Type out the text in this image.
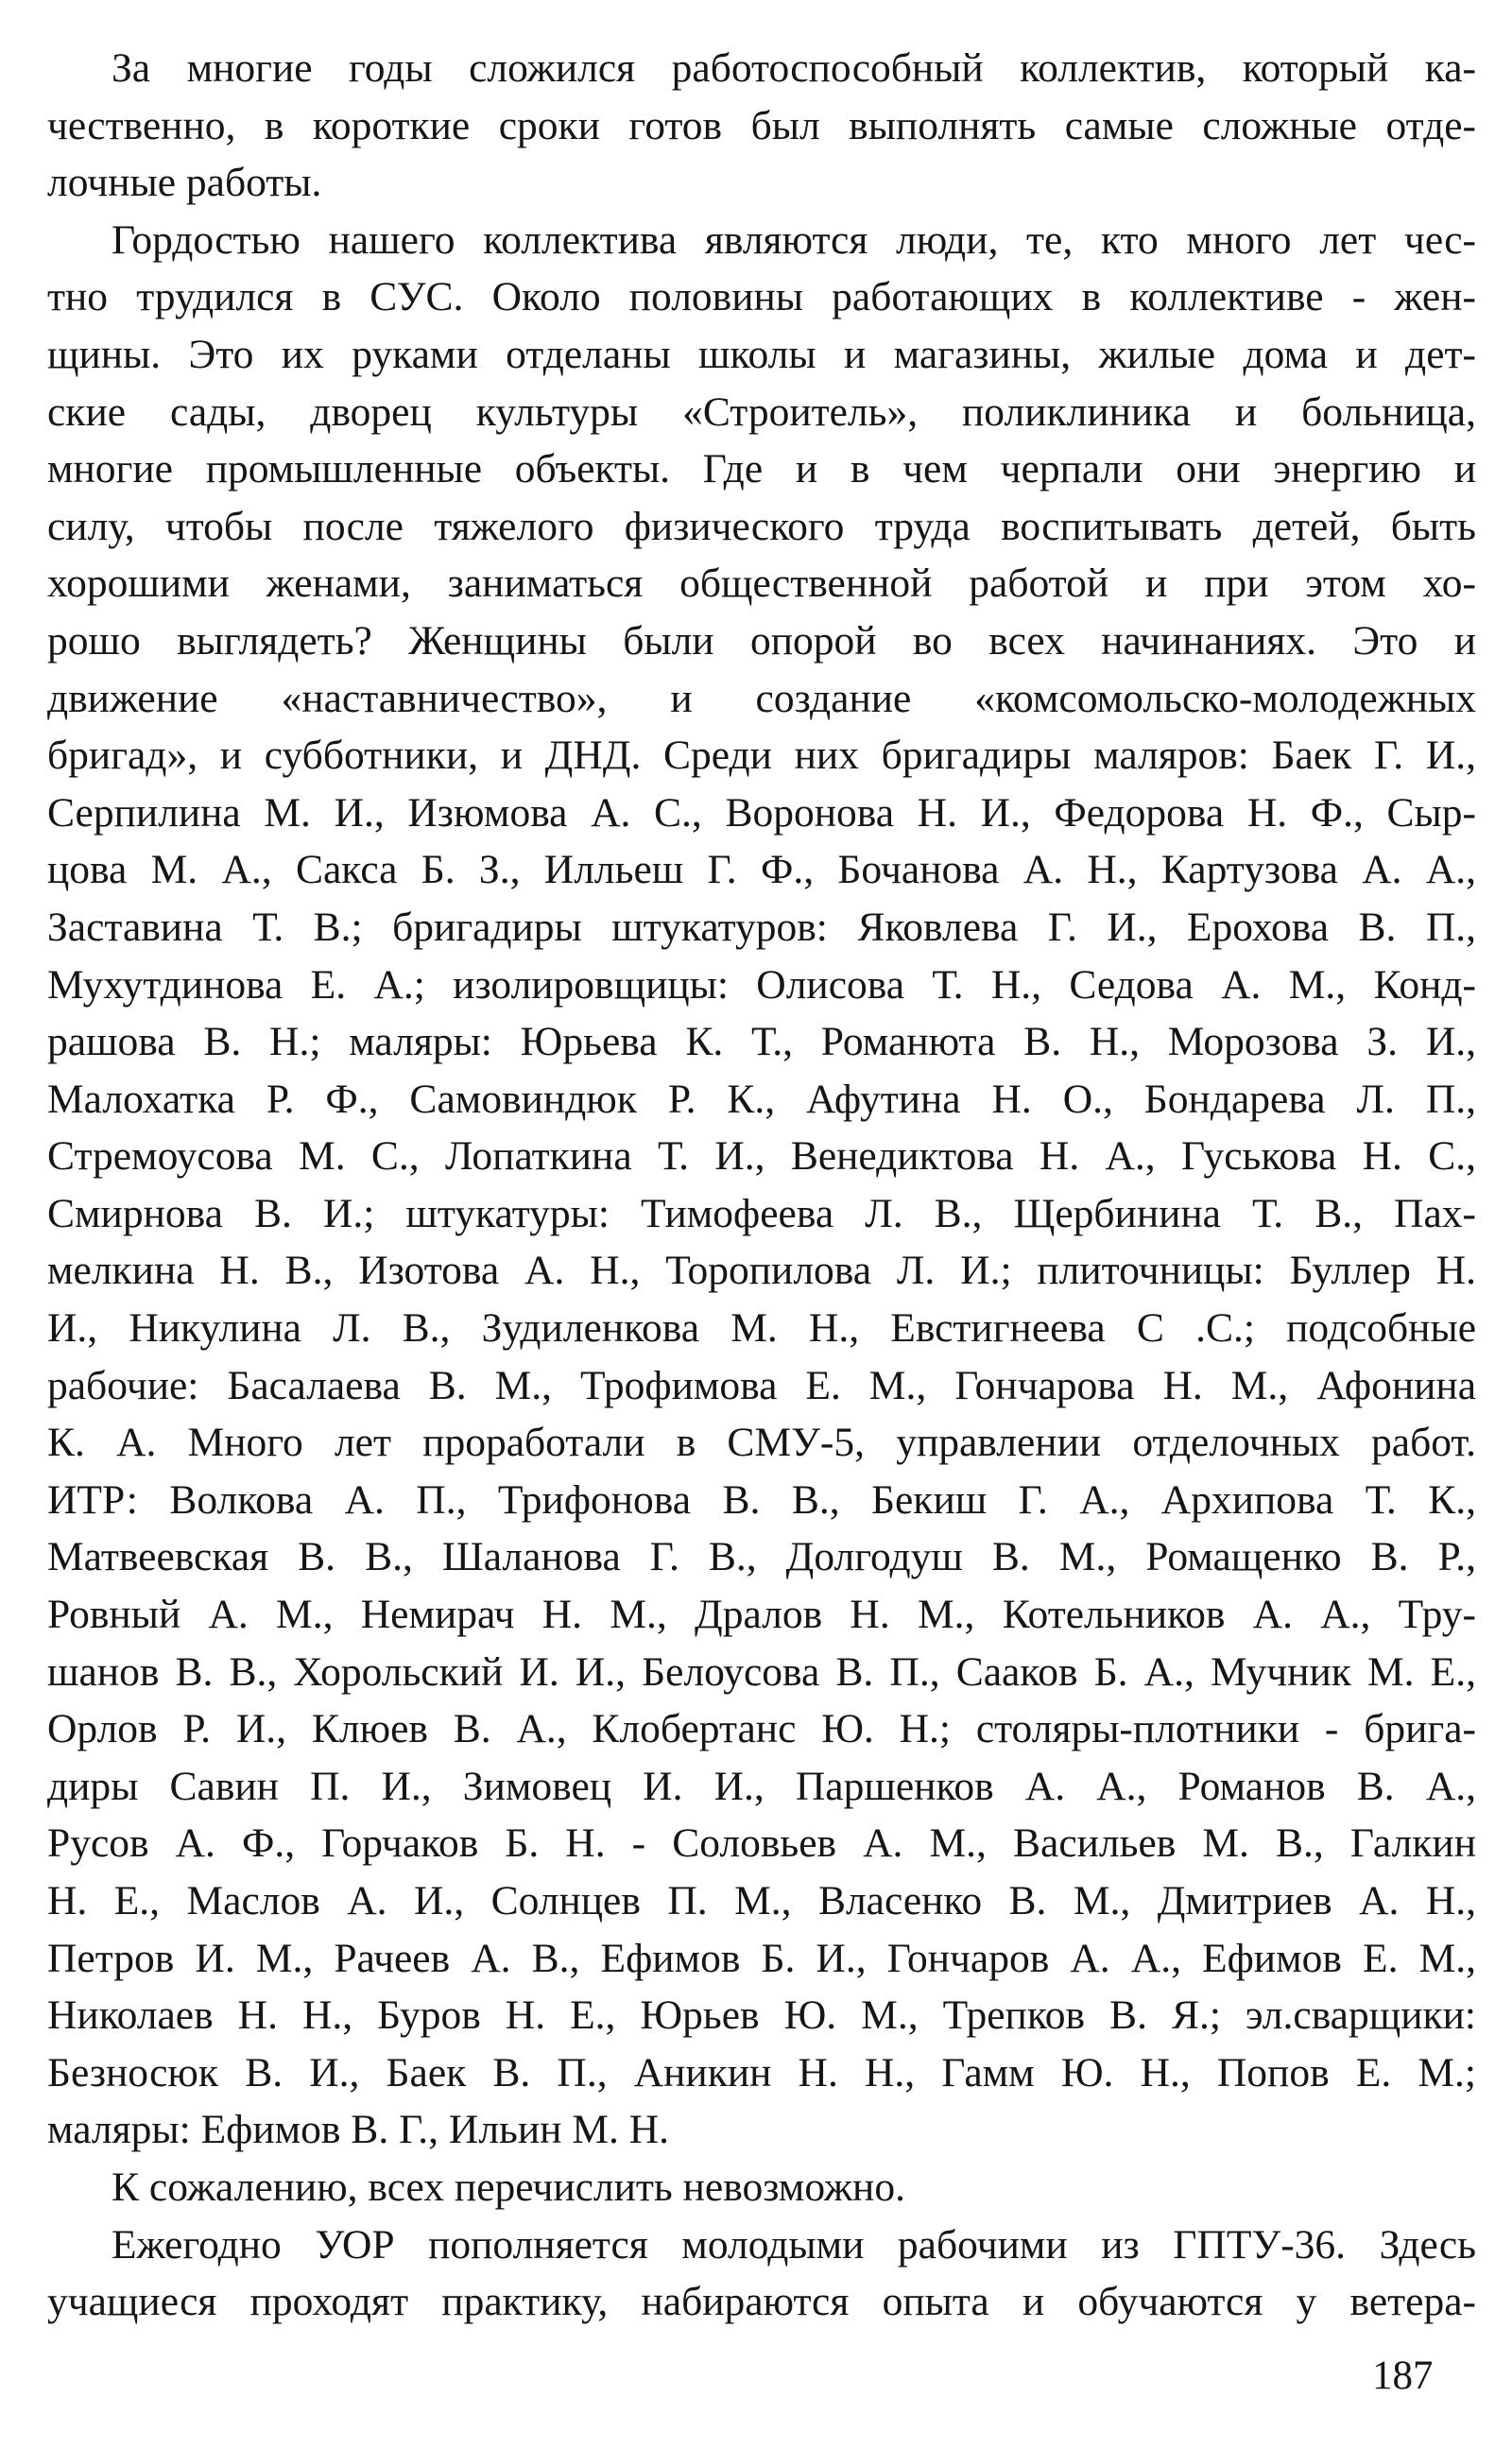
За многие годы сложился работоспособный коллектив, который ка-
чественно, в короткие сроки готов был выполнять самые сложные отде-
лочные работы.
Гордостью нашего коллектива являются люди, те, кто много лет чес-
тно трудился в СУС. Около половины работающих в коллективе - жен-
щины. Это их руками отделаны школы и магазины, жилые дома и дет-
ские сады, дворец культуры «Строитель», поликлиника и больница,
многие промышленные объекты. Где и в чем черпали они энергию и
силу, чтобы после тяжелого физического труда воспитывать детей, быть
хорошими женами, заниматься общественной работой и при этом хо-
рошо выглядеть? Женщины были опорой во всех начинаниях. Это и
движение «наставничество», и создание «комсомольско-молодежных
бригад», и субботники, и ДНД. Среди них бригадиры маляров: Баек Г. И.,
Серпилина М. И., Изюмова А. С., Воронова Н. И., Федорова Н. Ф., Сыр-
цова М. А., Сакса Б. З., Илльеш Г. Ф., Бочанова А. Н., Картузова А. А.,
Заставина Т. В.; бригадиры штукатуров: Яковлева Г. И., Ерохова В. П.,
Мухутдинова Е. А.; изолировщицы: Олисова Т. Н., Седова А. М., Конд-
рашова В. Н.; маляры: Юрьева К. Т., Романюта В. Н., Морозова З. И.,
Малохатка Р. Ф., Самовиндюк Р. К., Афутина Н. О., Бондарева Л. П.,
Стремоусова М. С., Лопаткина Т. И., Венедиктова Н. А., Гуськова Н. С.,
Смирнова В. И.; штукатуры: Тимофеева Л. В., Щербинина Т. В., Пах-
мелкина Н. В., Изотова А. Н., Торопилова Л. И.; плиточницы: Буллер Н.
И., Никулина Л. В., Зудиленкова М. Н., Евстигнеева С .С.; подсобные
рабочие: Басалаева В. М., Трофимова Е. М., Гончарова Н. М., Афонина
К. А. Много лет проработали в СМУ-5, управлении отделочных работ.
ИТР: Волкова А. П., Трифонова В. В., Бекиш Г. А., Архипова Т. К.,
Матвеевская В. В., Шаланова Г. В., Долгодуш В. М., Ромащенко В. Р.,
Ровный А. М., Немирач Н. М., Дралов Н. М., Котельников А. А., Тру-
шанов В. В., Хорольский И. И., Белоусова В. П., Сааков Б. А., Мучник М. Е.,
Орлов Р. И., Клюев В. А., Клобертанс Ю. Н.; столяры-плотники - брига-
диры Савин П. И., Зимовец И. И., Паршенков А. А., Романов В. А.,
Русов А. Ф., Горчаков Б. Н. - Соловьев А. М., Васильев М. В., Галкин
Н. Е., Маслов А. И., Солнцев П. М., Власенко В. М., Дмитриев А. Н.,
Петров И. М., Рачеев А. В., Ефимов Б. И., Гончаров А. А., Ефимов Е. М.,
Николаев Н. Н., Буров Н. Е., Юрьев Ю. М., Трепков В. Я.; эл.сварщики:
Безносюк В. И., Баек В. П., Аникин Н. Н., Гамм Ю. Н., Попов Е. М.;
маляры: Ефимов В. Г., Ильин М. Н.
К сожалению, всех перечислить невозможно.
Ежегодно УОР пополняется молодыми рабочими из ГПТУ-36. Здесь
учащиеся проходят практику, набираются опыта и обучаются у ветера-
187
